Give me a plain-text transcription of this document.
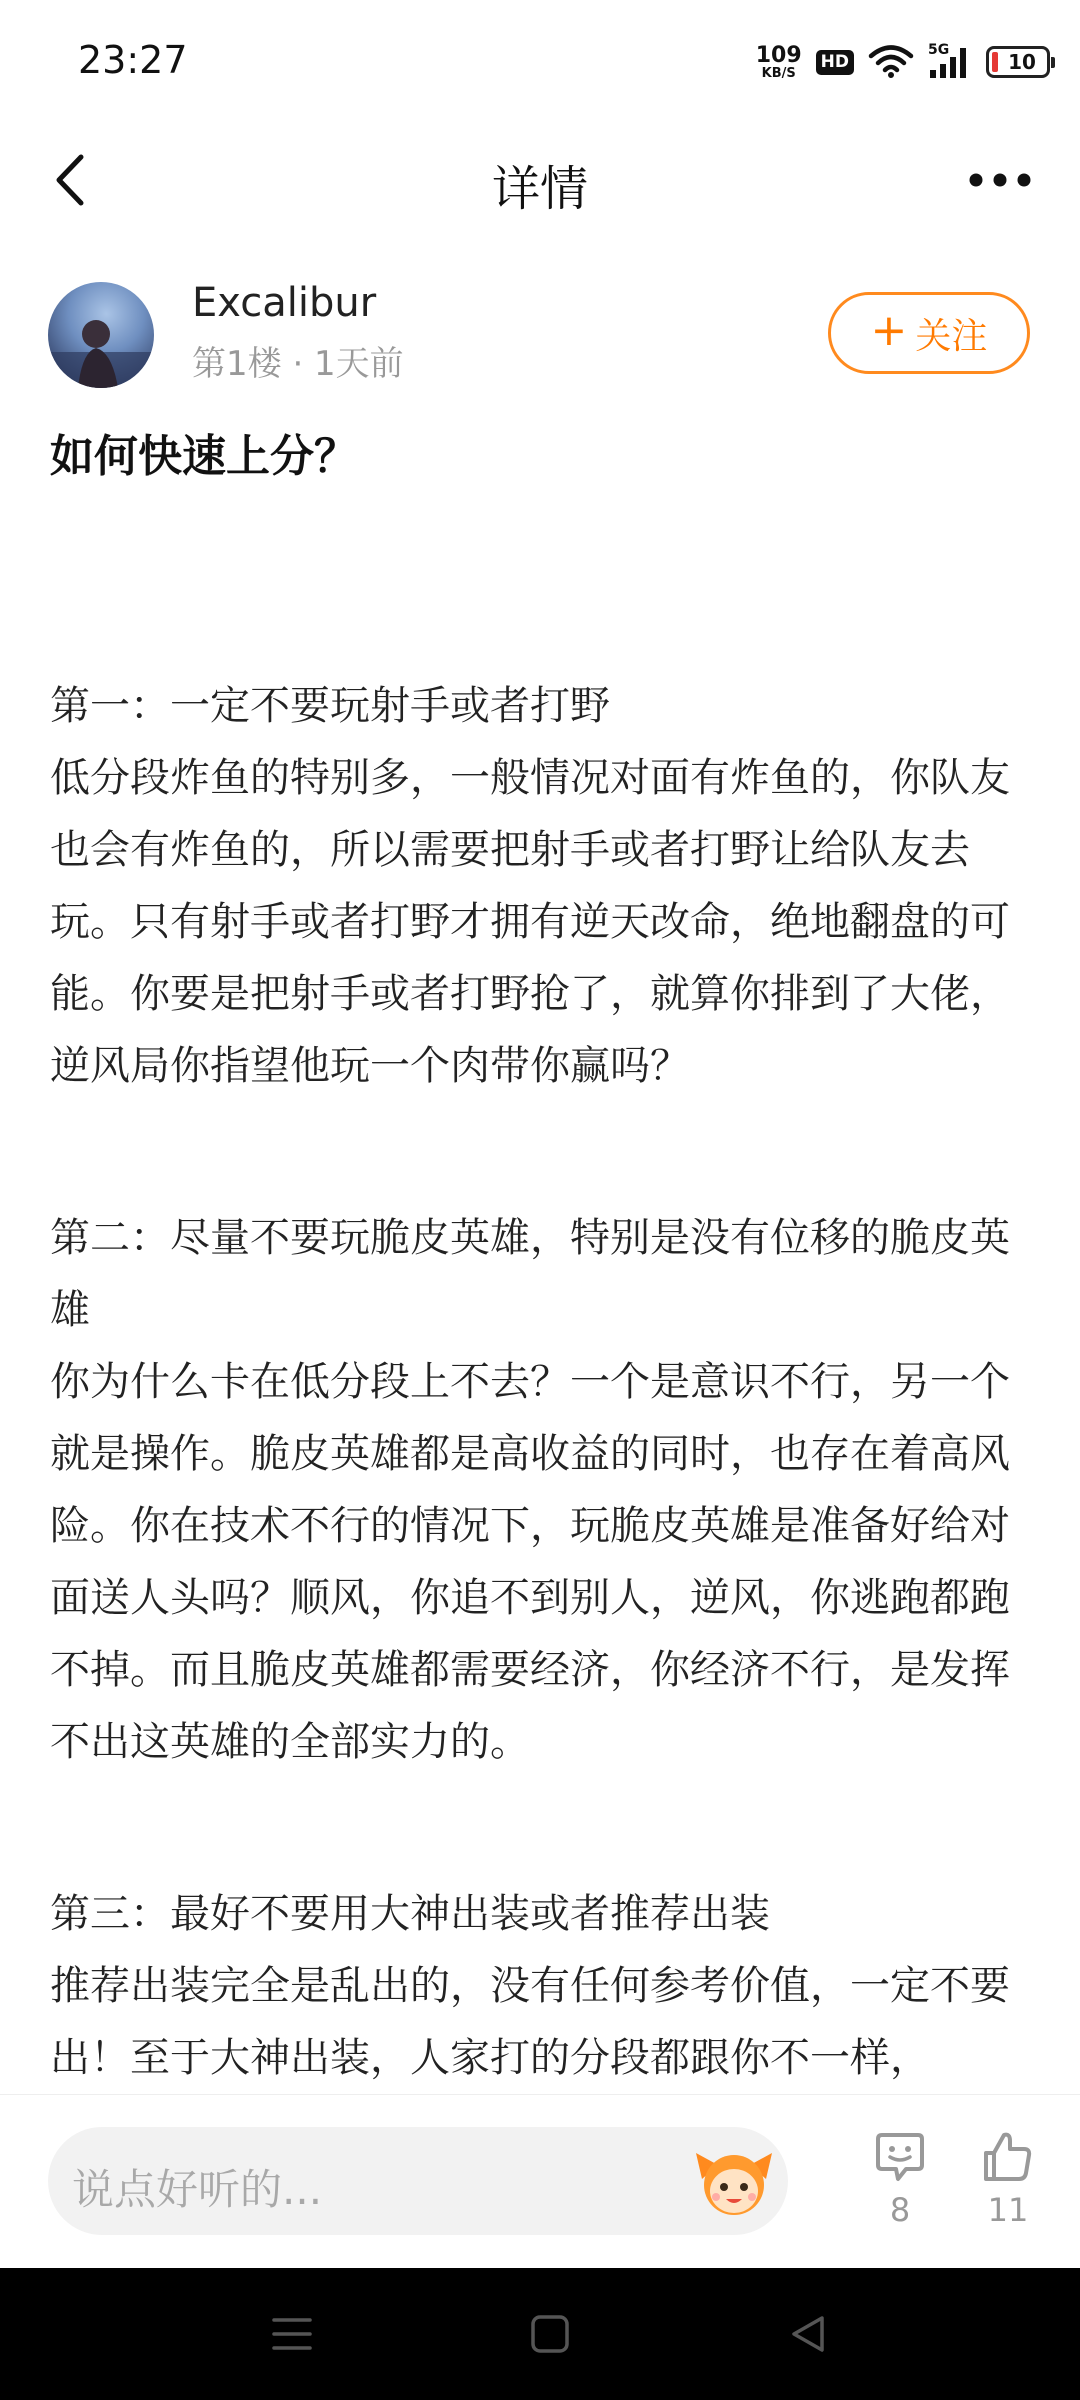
23:27	109
KB/S
HD
5G	10
详情
Excalibur
第1楼 · 1天前
+ 关注
如何快速上分？
第一：一定不要玩射手或者打野
低分段炸鱼的特别多，一般情况对面有炸鱼的，你队友也会有炸鱼的，所以需要把射手或者打野让给队友去玩。只有射手或者打野才拥有逆天改命，绝地翻盘的可能。你要是把射手或者打野抢了，就算你排到了大佬，逆风局你指望他玩一个肉带你赢吗？
第二：尽量不要玩脆皮英雄，特别是没有位移的脆皮英雄
你为什么卡在低分段上不去？一个是意识不行，另一个就是操作。脆皮英雄都是高收益的同时，也存在着高风险。你在技术不行的情况下，玩脆皮英雄是准备好给对面送人头吗？顺风，你追不到别人，逆风，你逃跑都跑不掉。而且脆皮英雄都需要经济，你经济不行，是发挥不出这英雄的全部实力的。
第三：最好不要用大神出装或者推荐出装
推荐出装完全是乱出的，没有任何参考价值，一定不要出！至于大神出装，人家打的分段都跟你不一样，
说点好听的...	8	11
